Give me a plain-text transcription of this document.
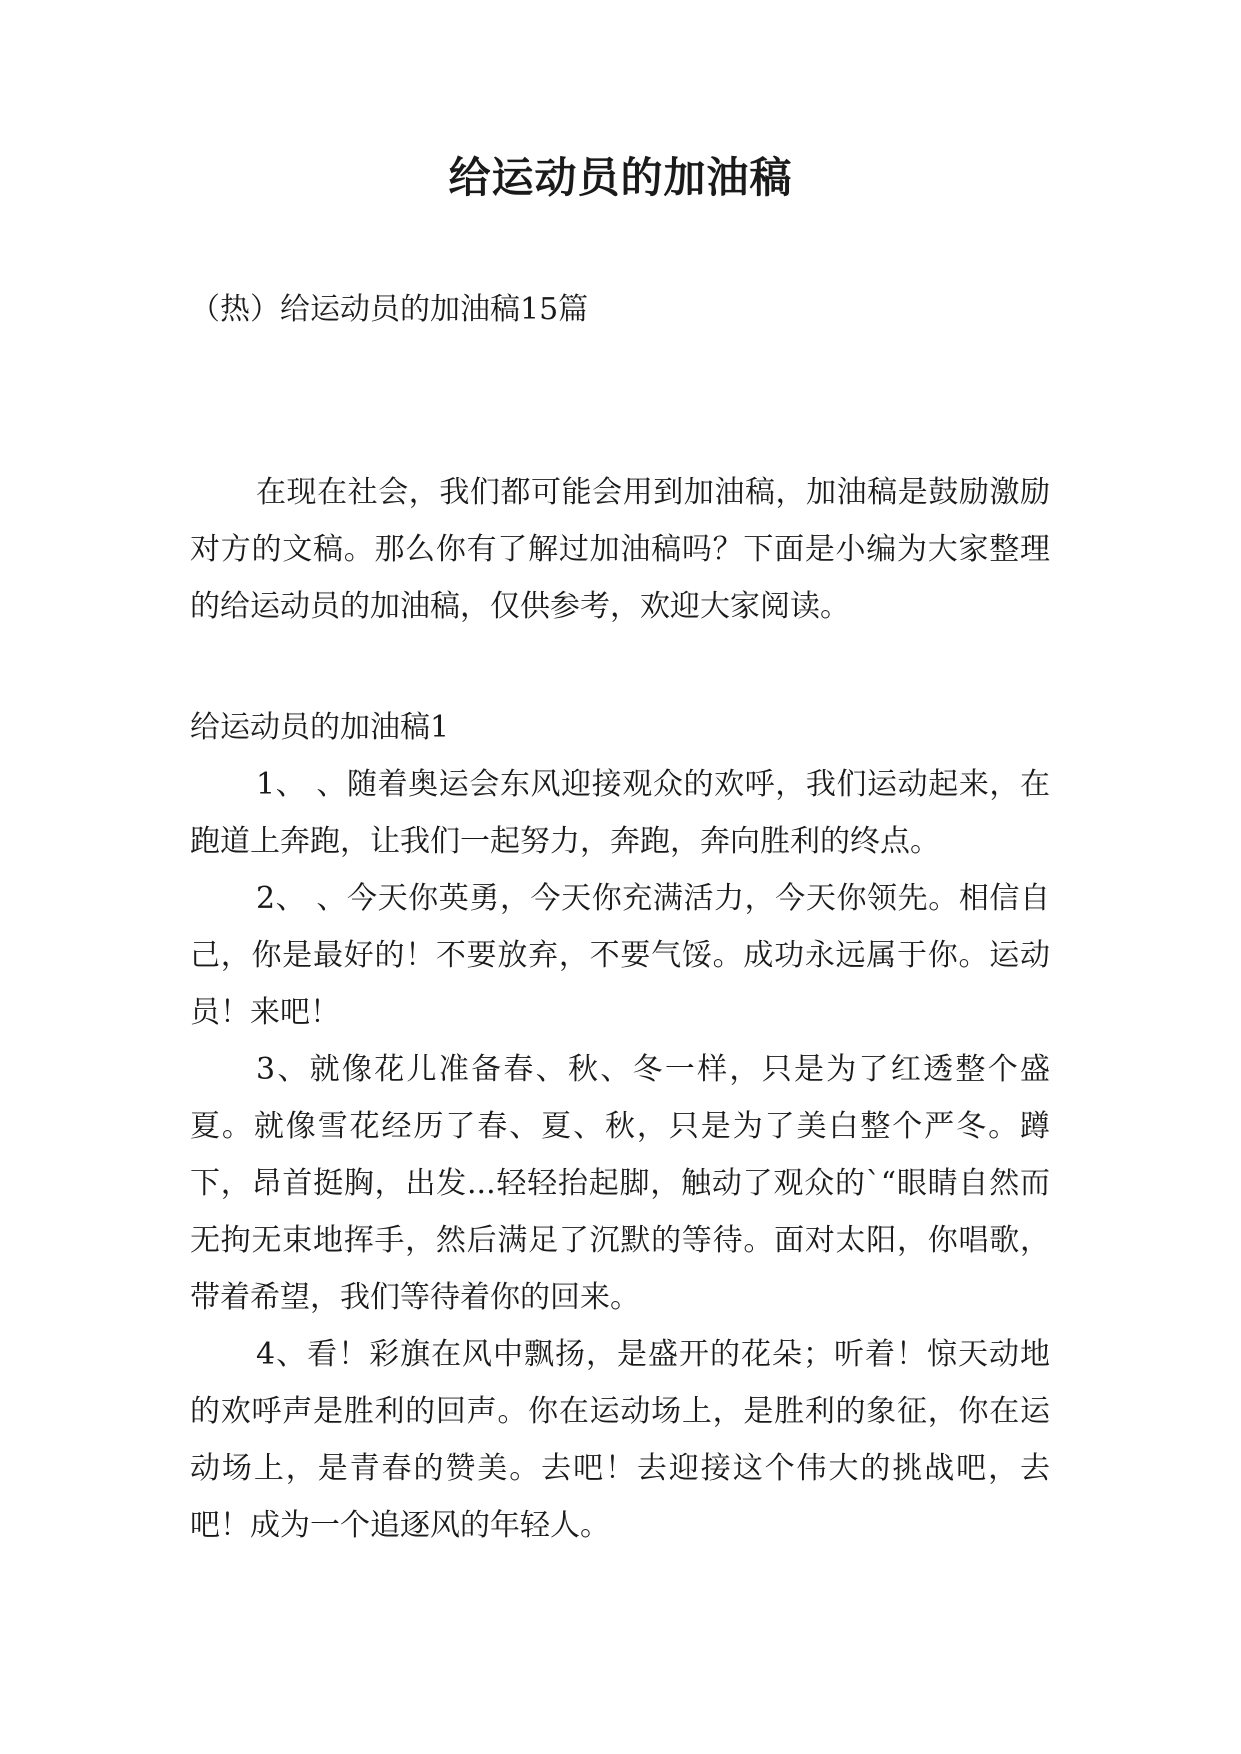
给运动员的加油稿
（热）给运动员的加油稿15篇
在现在社会，我们都可能会用到加油稿，加油稿是鼓励激励对方的文稿。那么你有了解过加油稿吗？下面是小编为大家整理的给运动员的加油稿，仅供参考，欢迎大家阅读。
给运动员的加油稿1
1、 、随着奥运会东风迎接观众的欢呼，我们运动起来，在跑道上奔跑，让我们一起努力，奔跑，奔向胜利的终点。
2、 、今天你英勇，今天你充满活力，今天你领先。相信自己，你是最好的！不要放弃，不要气馁。成功永远属于你。运动员！来吧！
3、就像花儿准备春、秋、冬一样，只是为了红透整个盛夏。就像雪花经历了春、夏、秋，只是为了美白整个严冬。蹲下，昂首挺胸，出发...轻轻抬起脚，触动了观众的`“眼睛自然而无拘无束地挥手，然后满足了沉默的等待。面对太阳，你唱歌，带着希望，我们等待着你的回来。
4、看！彩旗在风中飘扬，是盛开的花朵；听着！惊天动地的欢呼声是胜利的回声。你在运动场上，是胜利的象征，你在运动场上，是青春的赞美。去吧！去迎接这个伟大的挑战吧，去吧！成为一个追逐风的年轻人。
